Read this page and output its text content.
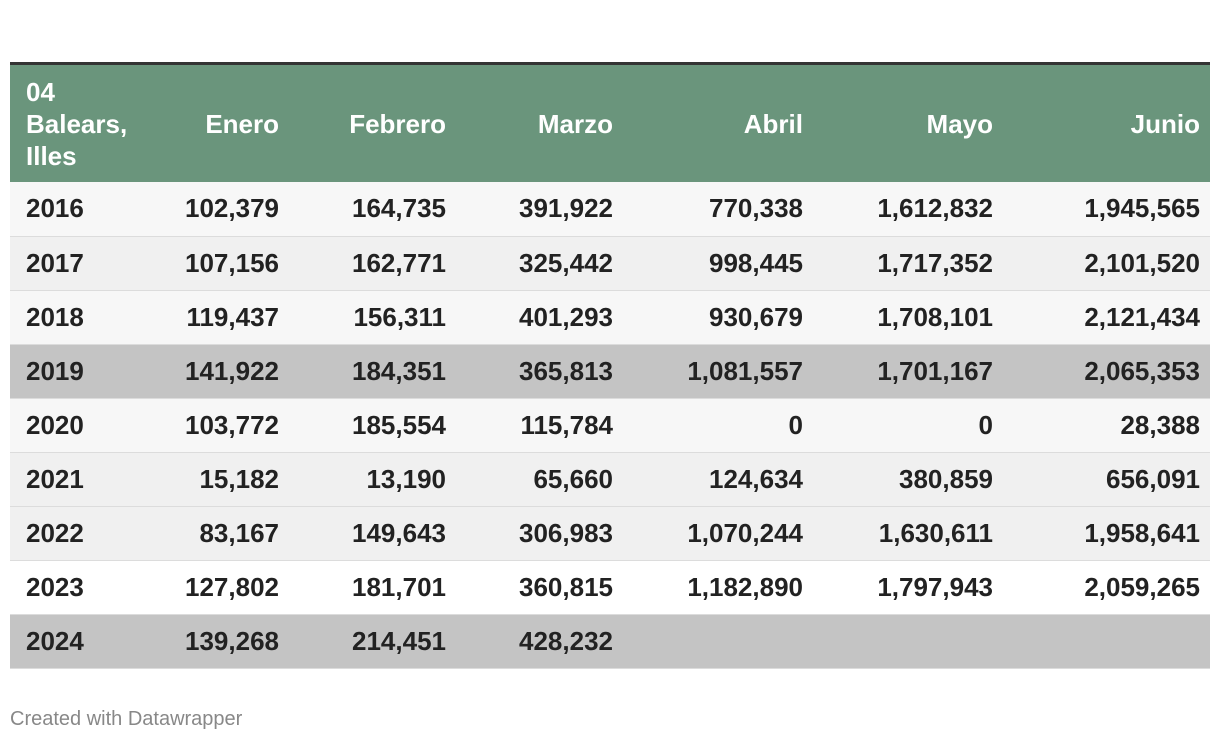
04 Balears, Illes	Enero	Febrero	Marzo	Abril	Mayo	Junio
2016	102,379	164,735	391,922	770,338	1,612,832	1,945,565
2017	107,156	162,771	325,442	998,445	1,717,352	2,101,520
2018	119,437	156,311	401,293	930,679	1,708,101	2,121,434
2019	141,922	184,351	365,813	1,081,557	1,701,167	2,065,353
2020	103,772	185,554	115,784	0	0	28,388
2021	15,182	13,190	65,660	124,634	380,859	656,091
2022	83,167	149,643	306,983	1,070,244	1,630,611	1,958,641
2023	127,802	181,701	360,815	1,182,890	1,797,943	2,059,265
2024	139,268	214,451	428,232			
Created with Datawrapper
